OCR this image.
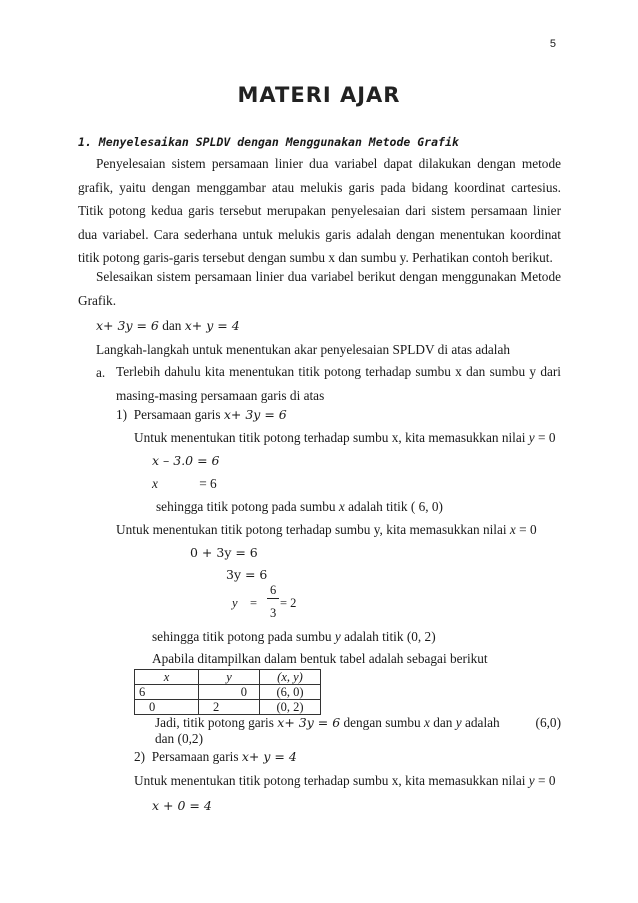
5
MATERI AJAR
1. Menyelesaikan SPLDV dengan Menggunakan Metode Grafik
Penyelesaian sistem persamaan linier dua variabel dapat dilakukan dengan metode grafik, yaitu dengan menggambar atau melukis garis pada bidang koordinat cartesius. Titik potong kedua garis tersebut merupakan penyelesaian dari sistem persamaan linier dua variabel. Cara sederhana untuk melukis garis adalah dengan menentukan koordinat titik potong garis-garis tersebut dengan sumbu x dan sumbu y. Perhatikan contoh berikut.
Selesaikan sistem persamaan linier dua variabel berikut dengan menggunakan Metode Grafik.
x+ 3y = 6 dan x+ y = 4
Langkah-langkah untuk menentukan akar penyelesaian SPLDV di atas adalah
a. Terlebih dahulu kita menentukan titik potong terhadap sumbu x dan sumbu y dari masing-masing persamaan garis di atas
1) Persamaan garis x+ 3y = 6
Untuk menentukan titik potong terhadap sumbu x, kita memasukkan nilai y = 0
x – 3.0 = 6
x	= 6
sehingga titik potong pada sumbu x adalah titik ( 6, 0)
Untuk menentukan titik potong terhadap sumbu y, kita memasukkan nilai x = 0
0 + 3y = 6
3y = 6
y =
6
3
= 2
sehingga titik potong pada sumbu y adalah titik (0, 2)
Apabila ditampilkan dalam bentuk tabel adalah sebagai berikut
x	y	(x, y)
6	0	(6, 0)
0	2	(0, 2)
Jadi, titik potong garis x+ 3y = 6 dengan sumbu x dan y adalah	(6,0)
dan (0,2)
2) Persamaan garis x+ y = 4
Untuk menentukan titik potong terhadap sumbu x, kita memasukkan nilai y = 0
x + 0 = 4
